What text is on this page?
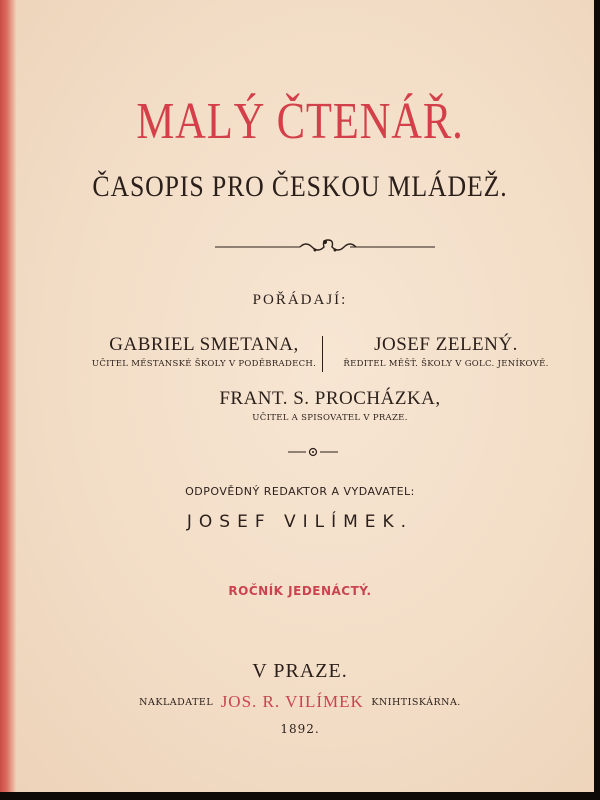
MALÝ ČTENÁŘ.
ČASOPIS PRO ČESKOU MLÁDEŽ.
POŘÁDAJÍ:
GABRIEL SMETANA,
UČITEL MĚSTANSKÉ ŠKOLY V PODĚBRADECH.
JOSEF ZELENÝ.
ŘEDITEL MĚŠŤ. ŠKOLY V GOLC. JENÍKOVĚ.
FRANT. S. PROCHÁZKA,
UČITEL A SPISOVATEL V PRAZE.
ODPOVĚDNÝ REDAKTOR A VYDAVATEL:
JOSEF VILÍMEK.
ROČNÍK JEDENÁCTÝ.
V PRAZE.
NAKLADATEL JOS. R. VILÍMEK KNIHTISKÁRNA.
1892.
